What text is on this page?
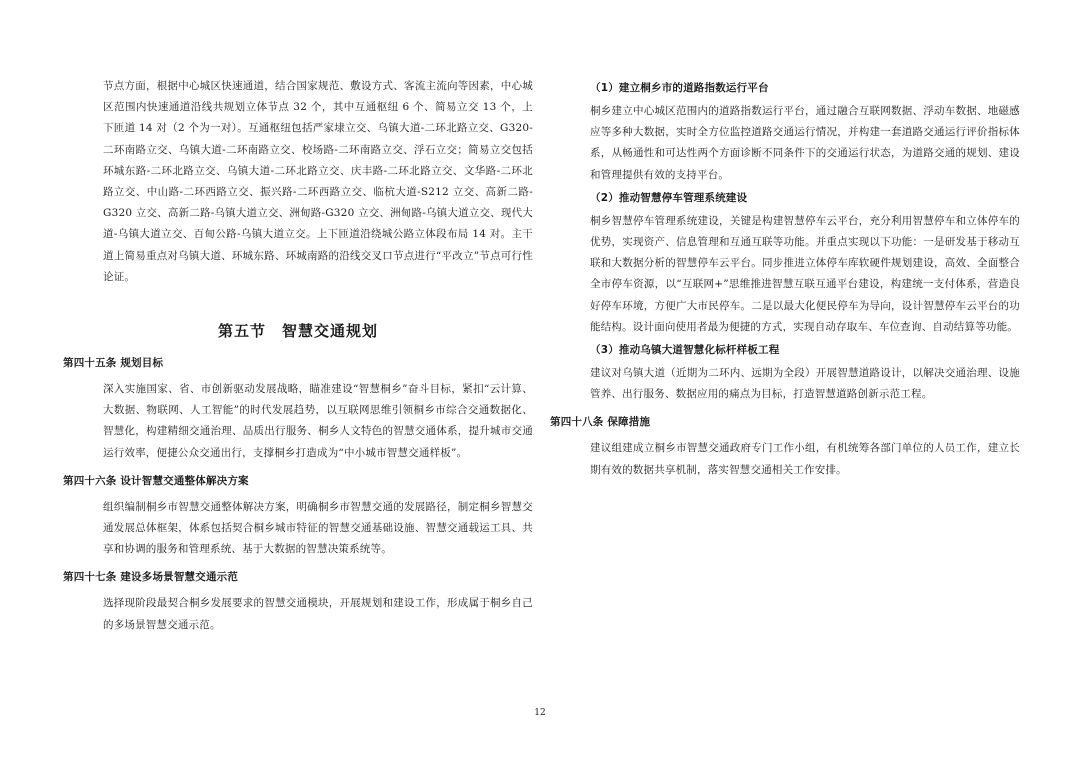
节点方面，根据中心城区快速通道，结合国家规范、敷设方式、客流主流向等因素，中心城区范围内快速通道沿线共规划立体节点 32 个，其中互通枢纽 6 个、简易立交 13 个，上下匝道 14 对（2 个为一对）。互通枢纽包括严家埭立交、乌镇大道-二环北路立交、G320-二环南路立交、乌镇大道-二环南路立交、校场路-二环南路立交、浮石立交；简易立交包括环城东路-二环北路立交、乌镇大道-二环北路立交、庆丰路-二环北路立交、文华路-二环北路立交、中山路-二环西路立交、振兴路-二环西路立交、临杭大道-S212 立交、高新二路-G320 立交、高新二路-乌镇大道立交、洲甸路-G320 立交、洲甸路-乌镇大道立交、现代大道-乌镇大道立交、百甸公路-乌镇大道立交。上下匝道沿绕城公路立体段布局 14 对。主干道上简易重点对乌镇大道、环城东路、环城南路的沿线交叉口节点进行“平改立”节点可行性论证。

第五节 智慧交通规划
第四十五条 规划目标

深入实施国家、省、市创新驱动发展战略，瞄准建设“智慧桐乡”奋斗目标，紧扣“云计算、大数据、物联网、人工智能”的时代发展趋势，以互联网思维引领桐乡市综合交通数据化、智慧化，构建精细交通治理、品质出行服务、桐乡人文特色的智慧交通体系，提升城市交通运行效率，便捷公众交通出行，支撑桐乡打造成为“中小城市智慧交通样板”。

第四十六条 设计智慧交通整体解决方案

组织编制桐乡市智慧交通整体解决方案，明确桐乡市智慧交通的发展路径，制定桐乡智慧交通发展总体框架，体系包括契合桐乡城市特征的智慧交通基础设施、智慧交通载运工具、共享和协调的服务和管理系统、基于大数据的智慧决策系统等。

第四十七条 建设多场景智慧交通示范

选择现阶段最契合桐乡发展要求的智慧交通模块，开展规划和建设工作，形成属于桐乡自己的多场景智慧交通示范。

（1）建立桐乡市的道路指数运行平台

桐乡建立中心城区范围内的道路指数运行平台，通过融合互联网数据、浮动车数据、地磁感应等多种大数据，实时全方位监控道路交通运行情况，并构建一套道路交通运行评价指标体系，从畅通性和可达性两个方面诊断不同条件下的交通运行状态，为道路交通的规划、建设和管理提供有效的支持平台。

（2）推动智慧停车管理系统建设

桐乡智慧停车管理系统建设，关键是构建智慧停车云平台，充分利用智慧停车和立体停车的优势，实现资产、信息管理和互通互联等功能。并重点实现以下功能：一是研发基于移动互联和大数据分析的智慧停车云平台。同步推进立体停车库软硬件规划建设，高效、全面整合全市停车资源，以“互联网+”思维推进智慧互联互通平台建设，构建统一支付体系，营造良好停车环境，方便广大市民停车。二是以最大化便民停车为导向，设计智慧停车云平台的功能结构。设计面向使用者最为便捷的方式，实现自动存取车、车位查询、自动结算等功能。

（3）推动乌镇大道智慧化标杆样板工程

建议对乌镇大道（近期为二环内、远期为全段）开展智慧道路设计，以解决交通治理、设施管养、出行服务、数据应用的痛点为目标，打造智慧道路创新示范工程。

第四十八条 保障措施

建议组建成立桐乡市智慧交通政府专门工作小组，有机统筹各部门单位的人员工作，建立长期有效的数据共享机制，落实智慧交通相关工作安排。

12
